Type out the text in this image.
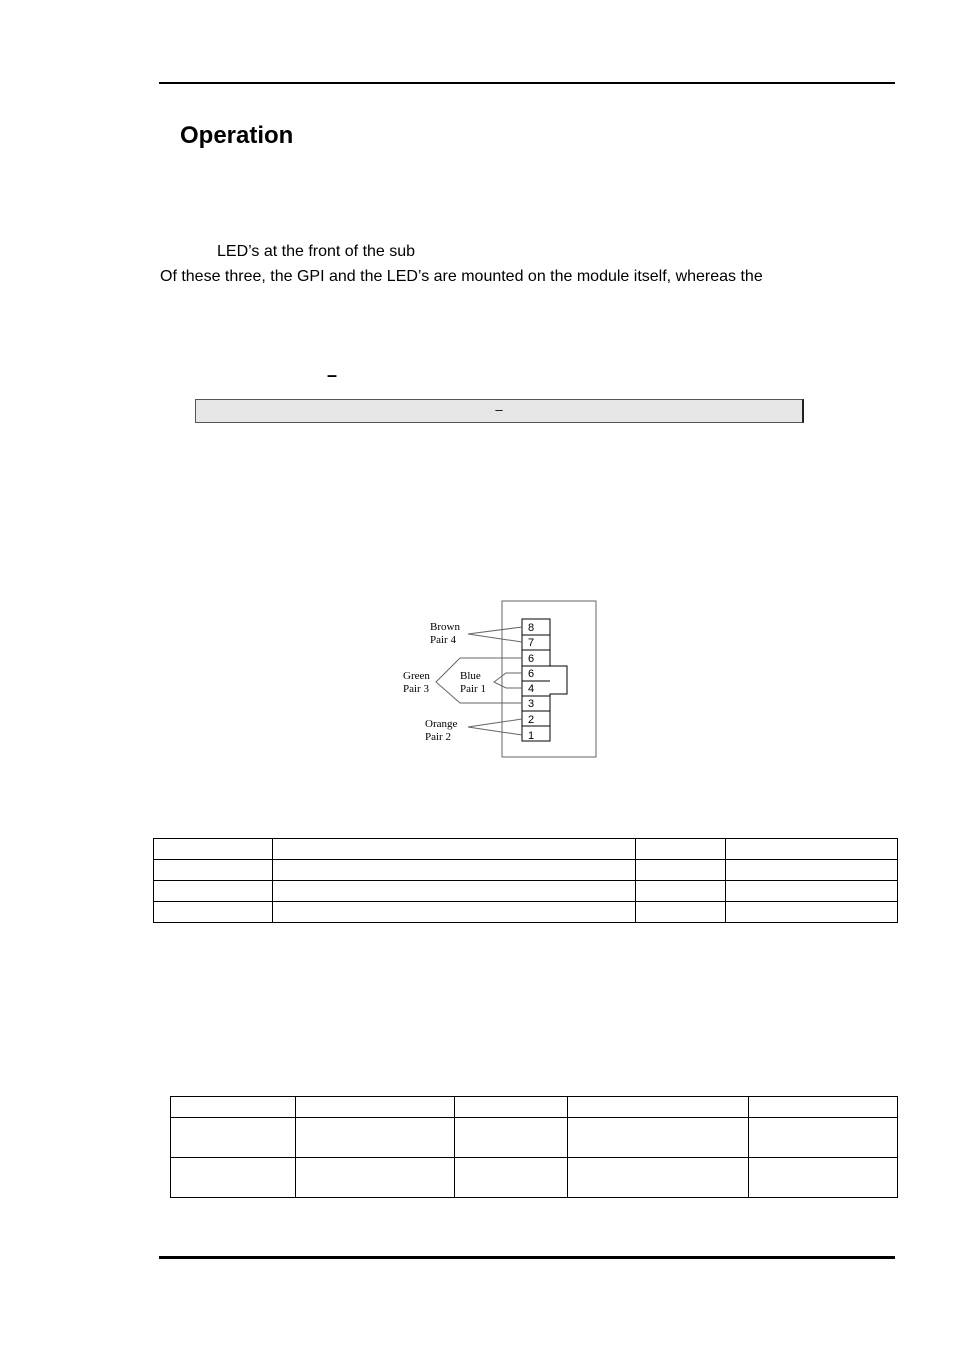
Operation

LED’s at the front of the sub

Of these three, the GPI and the LED’s are mounted on the module itself, whereas the

–
–
8
7
6
6
4
3
2
1
Brown
Pair 4
Green
Pair 3
Blue
Pair 1
Orange
Pair 2
